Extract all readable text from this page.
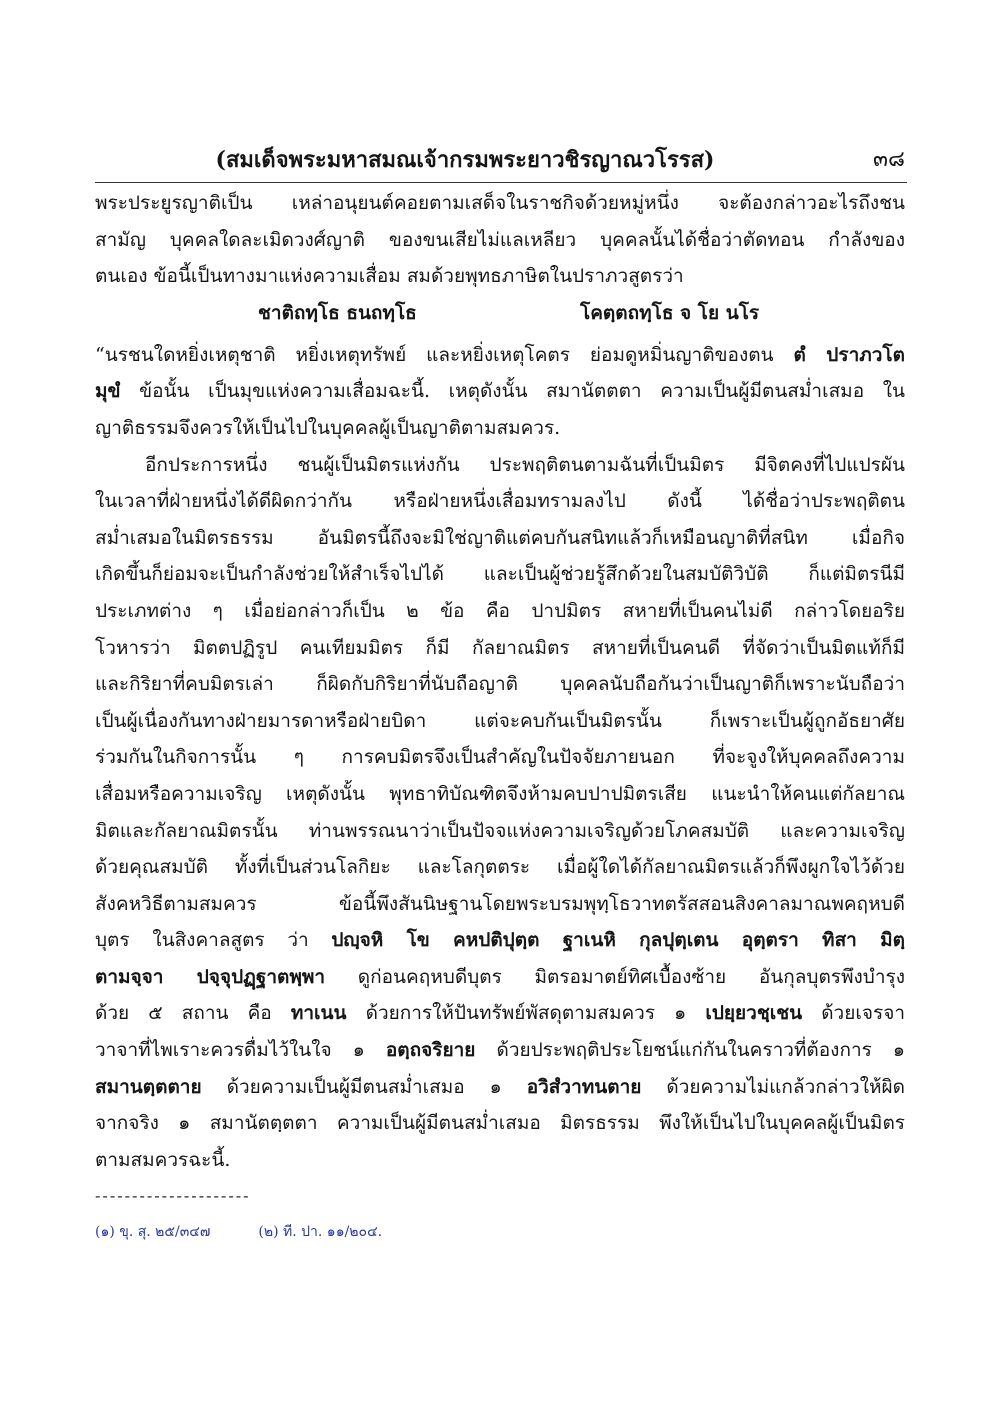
(สมเด็จพระมหาสมณเจ้ากรมพระยาวชิรญาณวโรรส)	๓๘
พระประยูรญาติเป็น เหล่าอนุยนต์คอยตามเสด็จในราชกิจด้วยหมู่หนึ่ง จะต้องกล่าวอะไรถึงชน
สามัญ บุคคลใดละเมิดวงศ์ญาติ ของขนเสียไม่แลเหลียว บุคคลนั้นได้ชื่อว่าตัดทอน กำลังของ
ตนเอง ข้อนี้เป็นทางมาแห่งความเสื่อม สมด้วยพุทธภาษิตในปราภวสูตรว่า
ชาติถทฺโธ ธนถทฺโธ	โคตฺตถทฺโธ จ โย นโร
“นรชนใดหยิ่งเหตุชาติ หยิ่งเหตุทรัพย์ และหยิ่งเหตุโคตร ย่อมดูหมิ่นญาติของตน ตํ ปราภวโต
มุขํ ข้อนั้น เป็นมุขแห่งความเสื่อมฉะนี้. เหตุดังนั้น สมานัตตตา ความเป็นผู้มีตนสม่ำเสมอ ใน
ญาติธรรมจึงควรให้เป็นไปในบุคคลผู้เป็นญาติตามสมควร.
อีกประการหนึ่ง ชนผู้เป็นมิตรแห่งกัน ประพฤติตนตามฉันที่เป็นมิตร มีจิตคงที่ไปแปรผัน
ในเวลาที่ฝ่ายหนึ่งได้ดีผิดกว่ากัน หรือฝ่ายหนึ่งเสื่อมทรามลงไป ดังนี้ ได้ชื่อว่าประพฤติตน
สม่ำเสมอในมิตรธรรม อันมิตรนี้ถึงจะมิใช่ญาติแต่คบกันสนิทแล้วก็เหมือนญาติที่สนิท เมื่อกิจ
เกิดขึ้นก็ย่อมจะเป็นกำลังช่วยให้สำเร็จไปได้ และเป็นผู้ช่วยรู้สึกด้วยในสมบัติวิบัติ ก็แต่มิตรนีมี
ประเภทต่าง ๆ เมื่อย่อกล่าวก็เป็น ๒ ข้อ คือ ปาปมิตร สหายที่เป็นคนไม่ดี กล่าวโดยอริย
โวหารว่า มิตตปฏิรูป คนเทียมมิตร ก็มี กัลยาณมิตร สหายที่เป็นคนดี ที่จัดว่าเป็นมิตแท้ก็มี
และกิริยาที่คบมิตรเล่า ก็ผิดกับกิริยาที่นับถือญาติ บุคคลนับถือกันว่าเป็นญาติก็เพราะนับถือว่า
เป็นผู้เนื่องกันทางฝ่ายมารดาหรือฝ่ายบิดา แต่จะคบกันเป็นมิตรนั้น ก็เพราะเป็นผู้ถูกอัธยาศัย
ร่วมกันในกิจการนั้น ๆ การคบมิตรจึงเป็นสำคัญในปัจจัยภายนอก ที่จะจูงให้บุคคลถึงความ
เสื่อมหรือความเจริญ เหตุดังนั้น พุทธาทิบัณฑิตจึงห้ามคบปาปมิตรเสีย แนะนำให้คนแต่กัลยาณ
มิตและกัลยาณมิตรนั้น ท่านพรรณนาว่าเป็นปัจจแห่งความเจริญด้วยโภคสมบัติ และความเจริญ
ด้วยคุณสมบัติ ทั้งที่เป็นส่วนโลกิยะ และโลกุตตระ เมื่อผู้ใดได้กัลยาณมิตรแล้วก็พึงผูกใจไว้ด้วย
สังคหวิธีตามสมควร ข้อนี้พึงสันนิษฐานโดยพระบรมพุทฺโธวาทตรัสสอนสิงคาลมาณพคฤหบดี
บุตร ในสิงคาลสูตร ว่า ปญฺจหิ โข คหปติปุตฺต ฐาเนหิ กุลปุตฺเตน อุตฺตรา ทิสา มิตฺ
ตามจฺจา ปจฺจุปฏฺฐาตพฺพา ดูก่อนคฤหบดีบุตร มิตรอมาตย์ทิศเบื้องซ้าย อันกุลบุตรพึงบำรุง
ด้วย ๕ สถาน คือ ทาเนน ด้วยการให้ปันทรัพย์พัสดุตามสมควร ๑ เปยฺยวชฺเชน ด้วยเจรจา
วาจาที่ไพเราะควรดื่มไว้ในใจ ๑ อตฺถจริยาย ด้วยประพฤติประโยชน์แก่กันในคราวที่ต้องการ ๑
สมานตฺตตาย ด้วยความเป็นผู้มีตนสม่ำเสมอ ๑ อวิสํวาทนตาย ด้วยความไม่แกล้วกล่าวให้ผิด
จากจริง ๑ สมานัตตฺตตา ความเป็นผู้มีตนสม่ำเสมอ มิตรธรรม พึงให้เป็นไปในบุคคลผู้เป็นมิตร
ตามสมควรฉะนี้.
---------------------
(๑) ขุ. สุ. ๒๕/๓๔๗	(๒) ที. ปา. ๑๑/๒๐๔.
